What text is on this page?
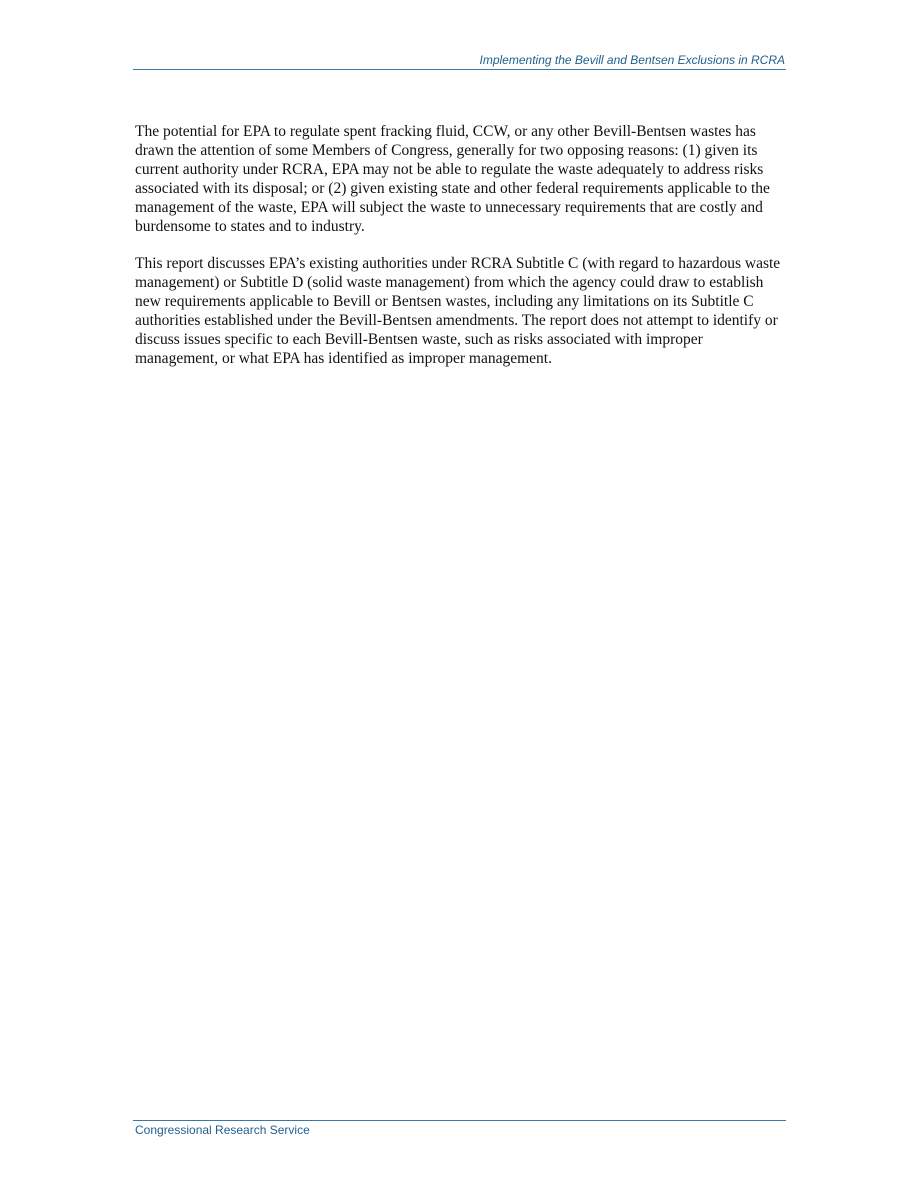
Implementing the Bevill and Bentsen Exclusions in RCRA

The potential for EPA to regulate spent fracking fluid, CCW, or any other Bevill-Bentsen wastes has drawn the attention of some Members of Congress, generally for two opposing reasons: (1) given its current authority under RCRA, EPA may not be able to regulate the waste adequately to address risks associated with its disposal; or (2) given existing state and other federal requirements applicable to the management of the waste, EPA will subject the waste to unnecessary requirements that are costly and burdensome to states and to industry.

This report discusses EPA’s existing authorities under RCRA Subtitle C (with regard to hazardous waste management) or Subtitle D (solid waste management) from which the agency could draw to establish new requirements applicable to Bevill or Bentsen wastes, including any limitations on its Subtitle C authorities established under the Bevill-Bentsen amendments. The report does not attempt to identify or discuss issues specific to each Bevill-Bentsen waste, such as risks associated with improper management, or what EPA has identified as improper management.

Congressional Research Service
